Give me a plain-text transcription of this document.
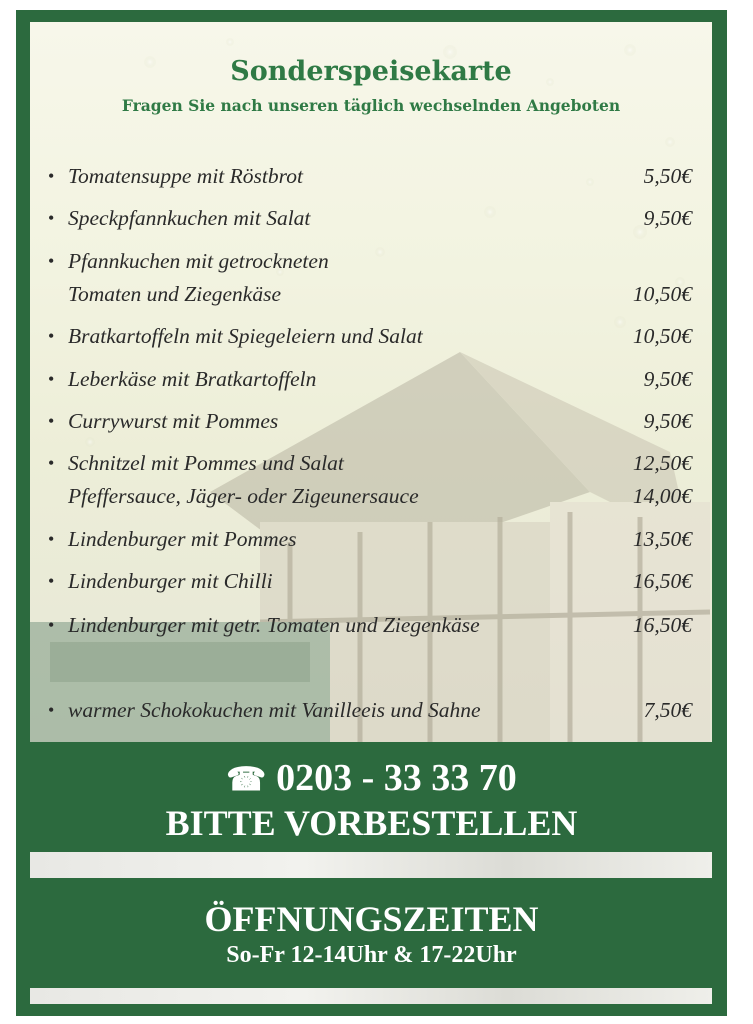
Sonderspeisekarte
Fragen Sie nach unseren täglich wechselnden Angeboten
• Tomatensuppe mit Röstbrot	5,50€
• Speckpfannkuchen mit Salat	9,50€
• Pfannkuchen mit getrockneten
Tomaten und Ziegenkäse	10,50€
• Bratkartoffeln mit Spiegeleiern und Salat	10,50€
• Leberkäse mit Bratkartoffeln	9,50€
• Currywurst mit Pommes	9,50€
• Schnitzel mit Pommes und Salat	12,50€
Pfeffersauce, Jäger- oder Zigeunersauce	14,00€
• Lindenburger mit Pommes	13,50€
• Lindenburger mit Chilli	16,50€
• Lindenburger mit getr. Tomaten und Ziegenkäse	16,50€
• warmer Schokokuchen mit Vanilleeis und Sahne	7,50€
☎ 0203 - 33 33 70
BITTE VORBESTELLEN
ÖFFNUNGSZEITEN
So-Fr 12-14Uhr & 17-22Uhr
